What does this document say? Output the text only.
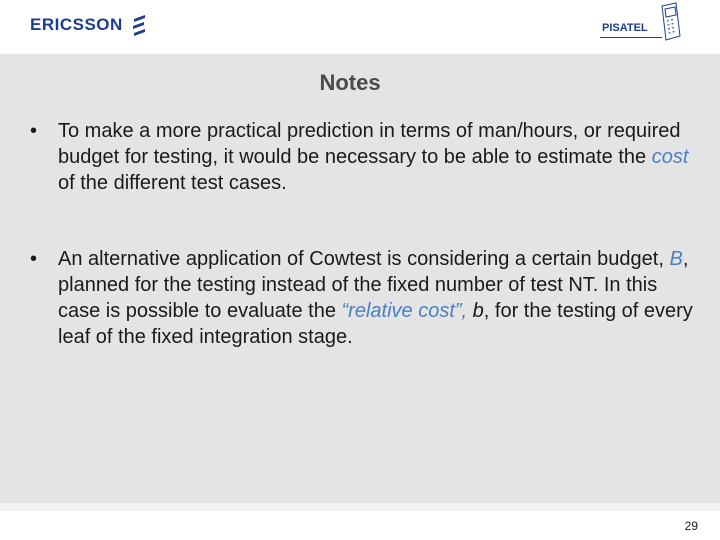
ERICSSON	PISATEL
Notes
•	To make a more practical prediction in terms of man/hours, or required budget for testing, it would be necessary to be able to estimate the cost of the different test cases.
•	An alternative application of Cowtest is considering a certain budget, B, planned for the testing instead of the fixed number of test NT. In this case is possible to evaluate the “relative cost”, b, for the testing of every leaf of the fixed integration stage.
29
